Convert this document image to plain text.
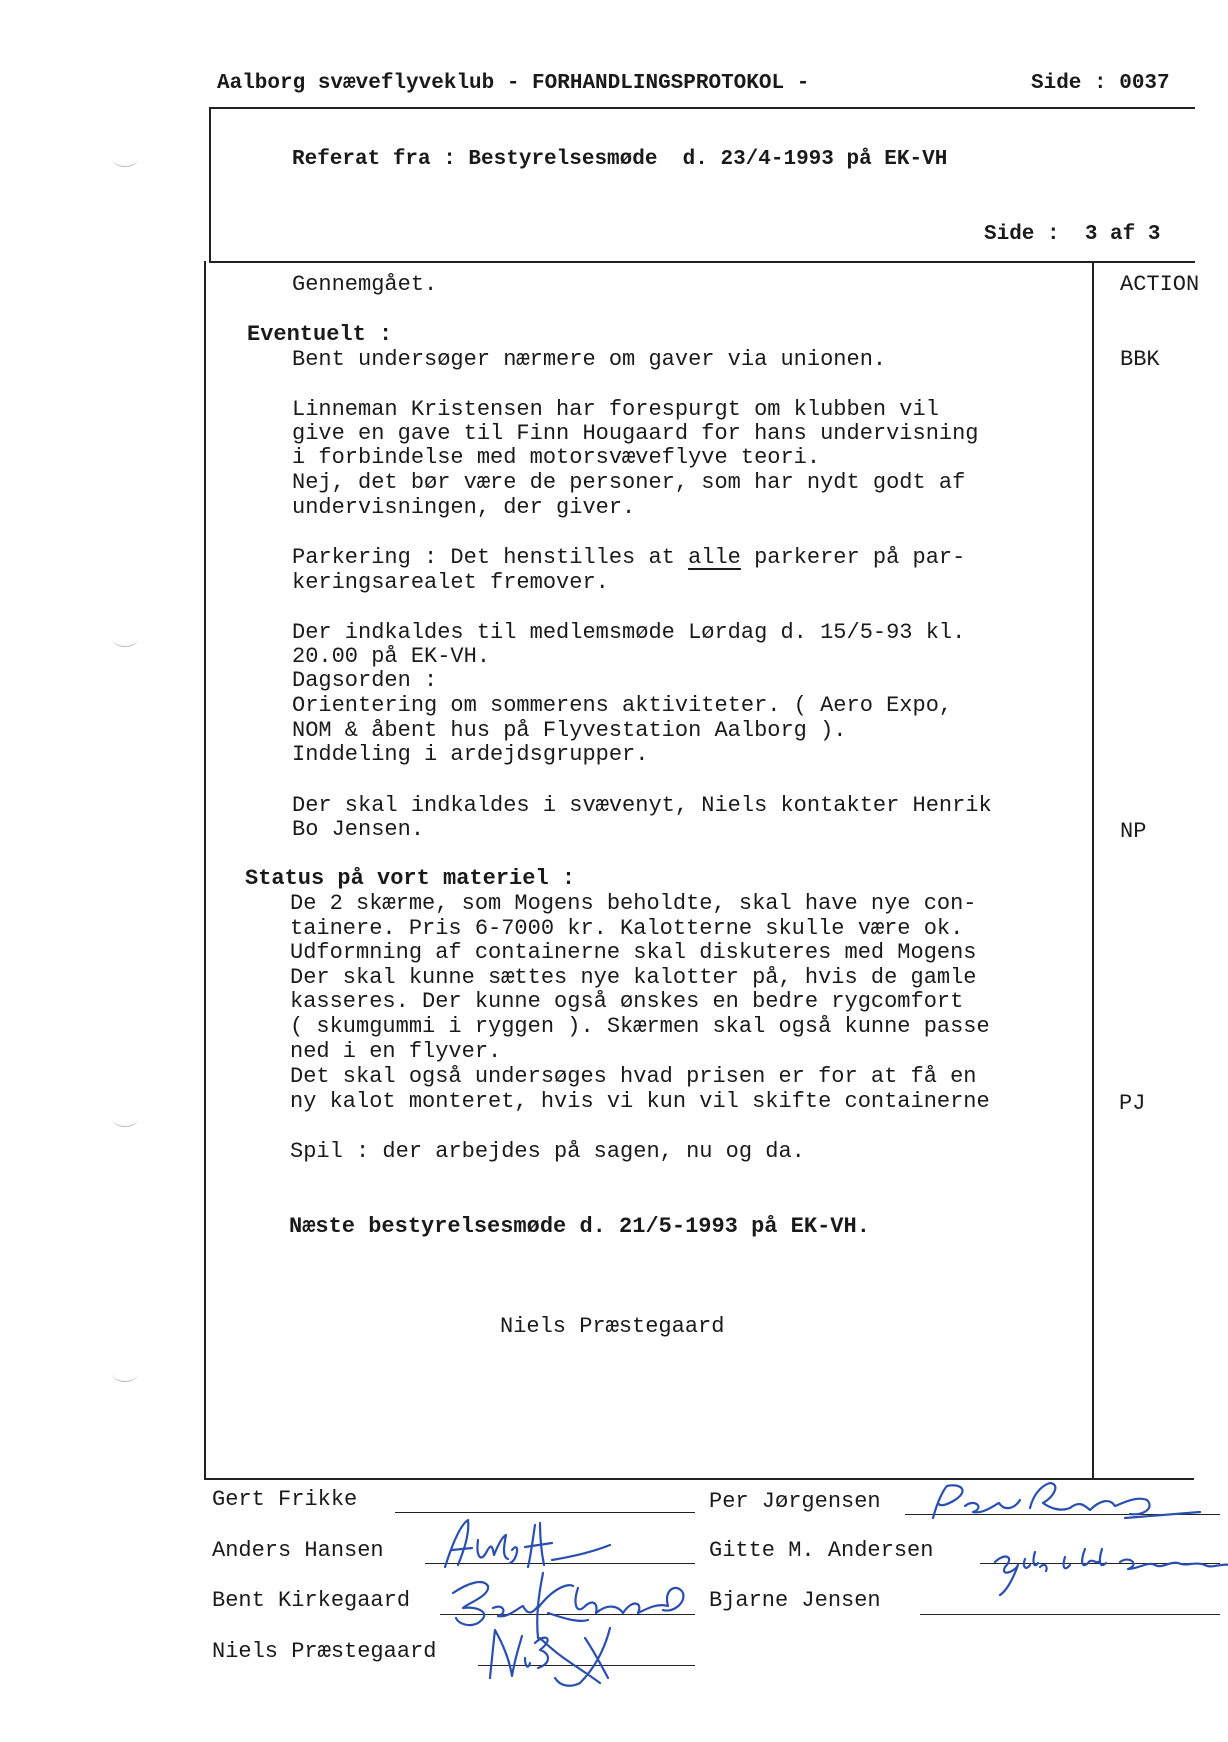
Aalborg svæveflyveklub - FORHANDLINGSPROTOKOL -	Side : 0037
Referat fra : Bestyrelsesmøde  d. 23/4-1993 på EK-VH
Side :  3 af 3
ACTION
Gennemgået.
Eventuelt :
Bent undersøger nærmere om gaver via unionen.	BBK
Linneman Kristensen har forespurgt om klubben vil
give en gave til Finn Hougaard for hans undervisning
i forbindelse med motorsvæveflyve teori.
Nej, det bør være de personer, som har nydt godt af
undervisningen, der giver.
Parkering : Det henstilles at alle parkerer på par-
keringsarealet fremover.
Der indkaldes til medlemsmøde Lørdag d. 15/5-93 kl.
20.00 på EK-VH.
Dagsorden :
Orientering om sommerens aktiviteter. ( Aero Expo,
NOM & åbent hus på Flyvestation Aalborg ).
Inddeling i ardejdsgrupper.
Der skal indkaldes i svævenyt, Niels kontakter Henrik
Bo Jensen.	NP
Status på vort materiel :
De 2 skærme, som Mogens beholdte, skal have nye con-
tainere. Pris 6-7000 kr. Kalotterne skulle være ok.
Udformning af containerne skal diskuteres med Mogens
Der skal kunne sættes nye kalotter på, hvis de gamle
kasseres. Der kunne også ønskes en bedre rygcomfort
( skumgummi i ryggen ). Skærmen skal også kunne passe
ned i en flyver.
Det skal også undersøges hvad prisen er for at få en
ny kalot monteret, hvis vi kun vil skifte containerne	PJ
Spil : der arbejdes på sagen, nu og da.
Næste bestyrelsesmøde d. 21/5-1993 på EK-VH.
Niels Præstegaard
Gert Frikke
Anders Hansen
Bent Kirkegaard
Niels Præstegaard
Per Jørgensen
Gitte M. Andersen
Bjarne Jensen
